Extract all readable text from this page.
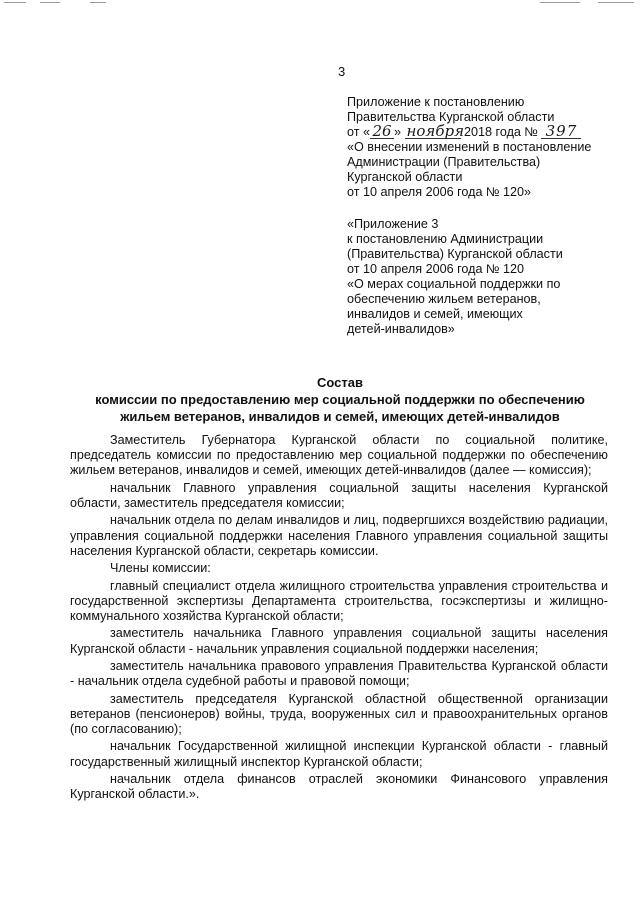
3
Приложение к постановлению
Правительства Курганской области
от « 26 » ноября 2018 года № 397
«О внесении изменений в постановление
Администрации (Правительства)
Курганской области
от 10 апреля 2006 года № 120»
«Приложение 3
к постановлению Администрации
(Правительства) Курганской области
от 10 апреля 2006 года № 120
«О мерах социальной поддержки по
обеспечению жильем ветеранов,
инвалидов и семей, имеющих
детей-инвалидов»
Состав
комиссии по предоставлению мер социальной поддержки по обеспечению
жильем ветеранов, инвалидов и семей, имеющих детей-инвалидов

Заместитель Губернатора Курганской области по социальной политике, председатель комиссии по предоставлению мер социальной поддержки по обеспечению жильем ветеранов, инвалидов и семей, имеющих детей-инвалидов (далее — комиссия);

начальник Главного управления социальной защиты населения Курганской области, заместитель председателя комиссии;

начальник отдела по делам инвалидов и лиц, подвергшихся воздействию радиации, управления социальной поддержки населения Главного управления социальной защиты населения Курганской области, секретарь комиссии.

Члены комиссии:

главный специалист отдела жилищного строительства управления строительства и государственной экспертизы Департамента строительства, госэкспертизы и жилищно-коммунального хозяйства Курганской области;

заместитель начальника Главного управления социальной защиты населения Курганской области - начальник управления социальной поддержки населения;

заместитель начальника правового управления Правительства Курганской области - начальник отдела судебной работы и правовой помощи;

заместитель председателя Курганской областной общественной организации ветеранов (пенсионеров) войны, труда, вооруженных сил и правоохранительных органов (по согласованию);

начальник Государственной жилищной инспекции Курганской области - главный государственный жилищный инспектор Курганской области;

начальник отдела финансов отраслей экономики Финансового управления Курганской области.».
